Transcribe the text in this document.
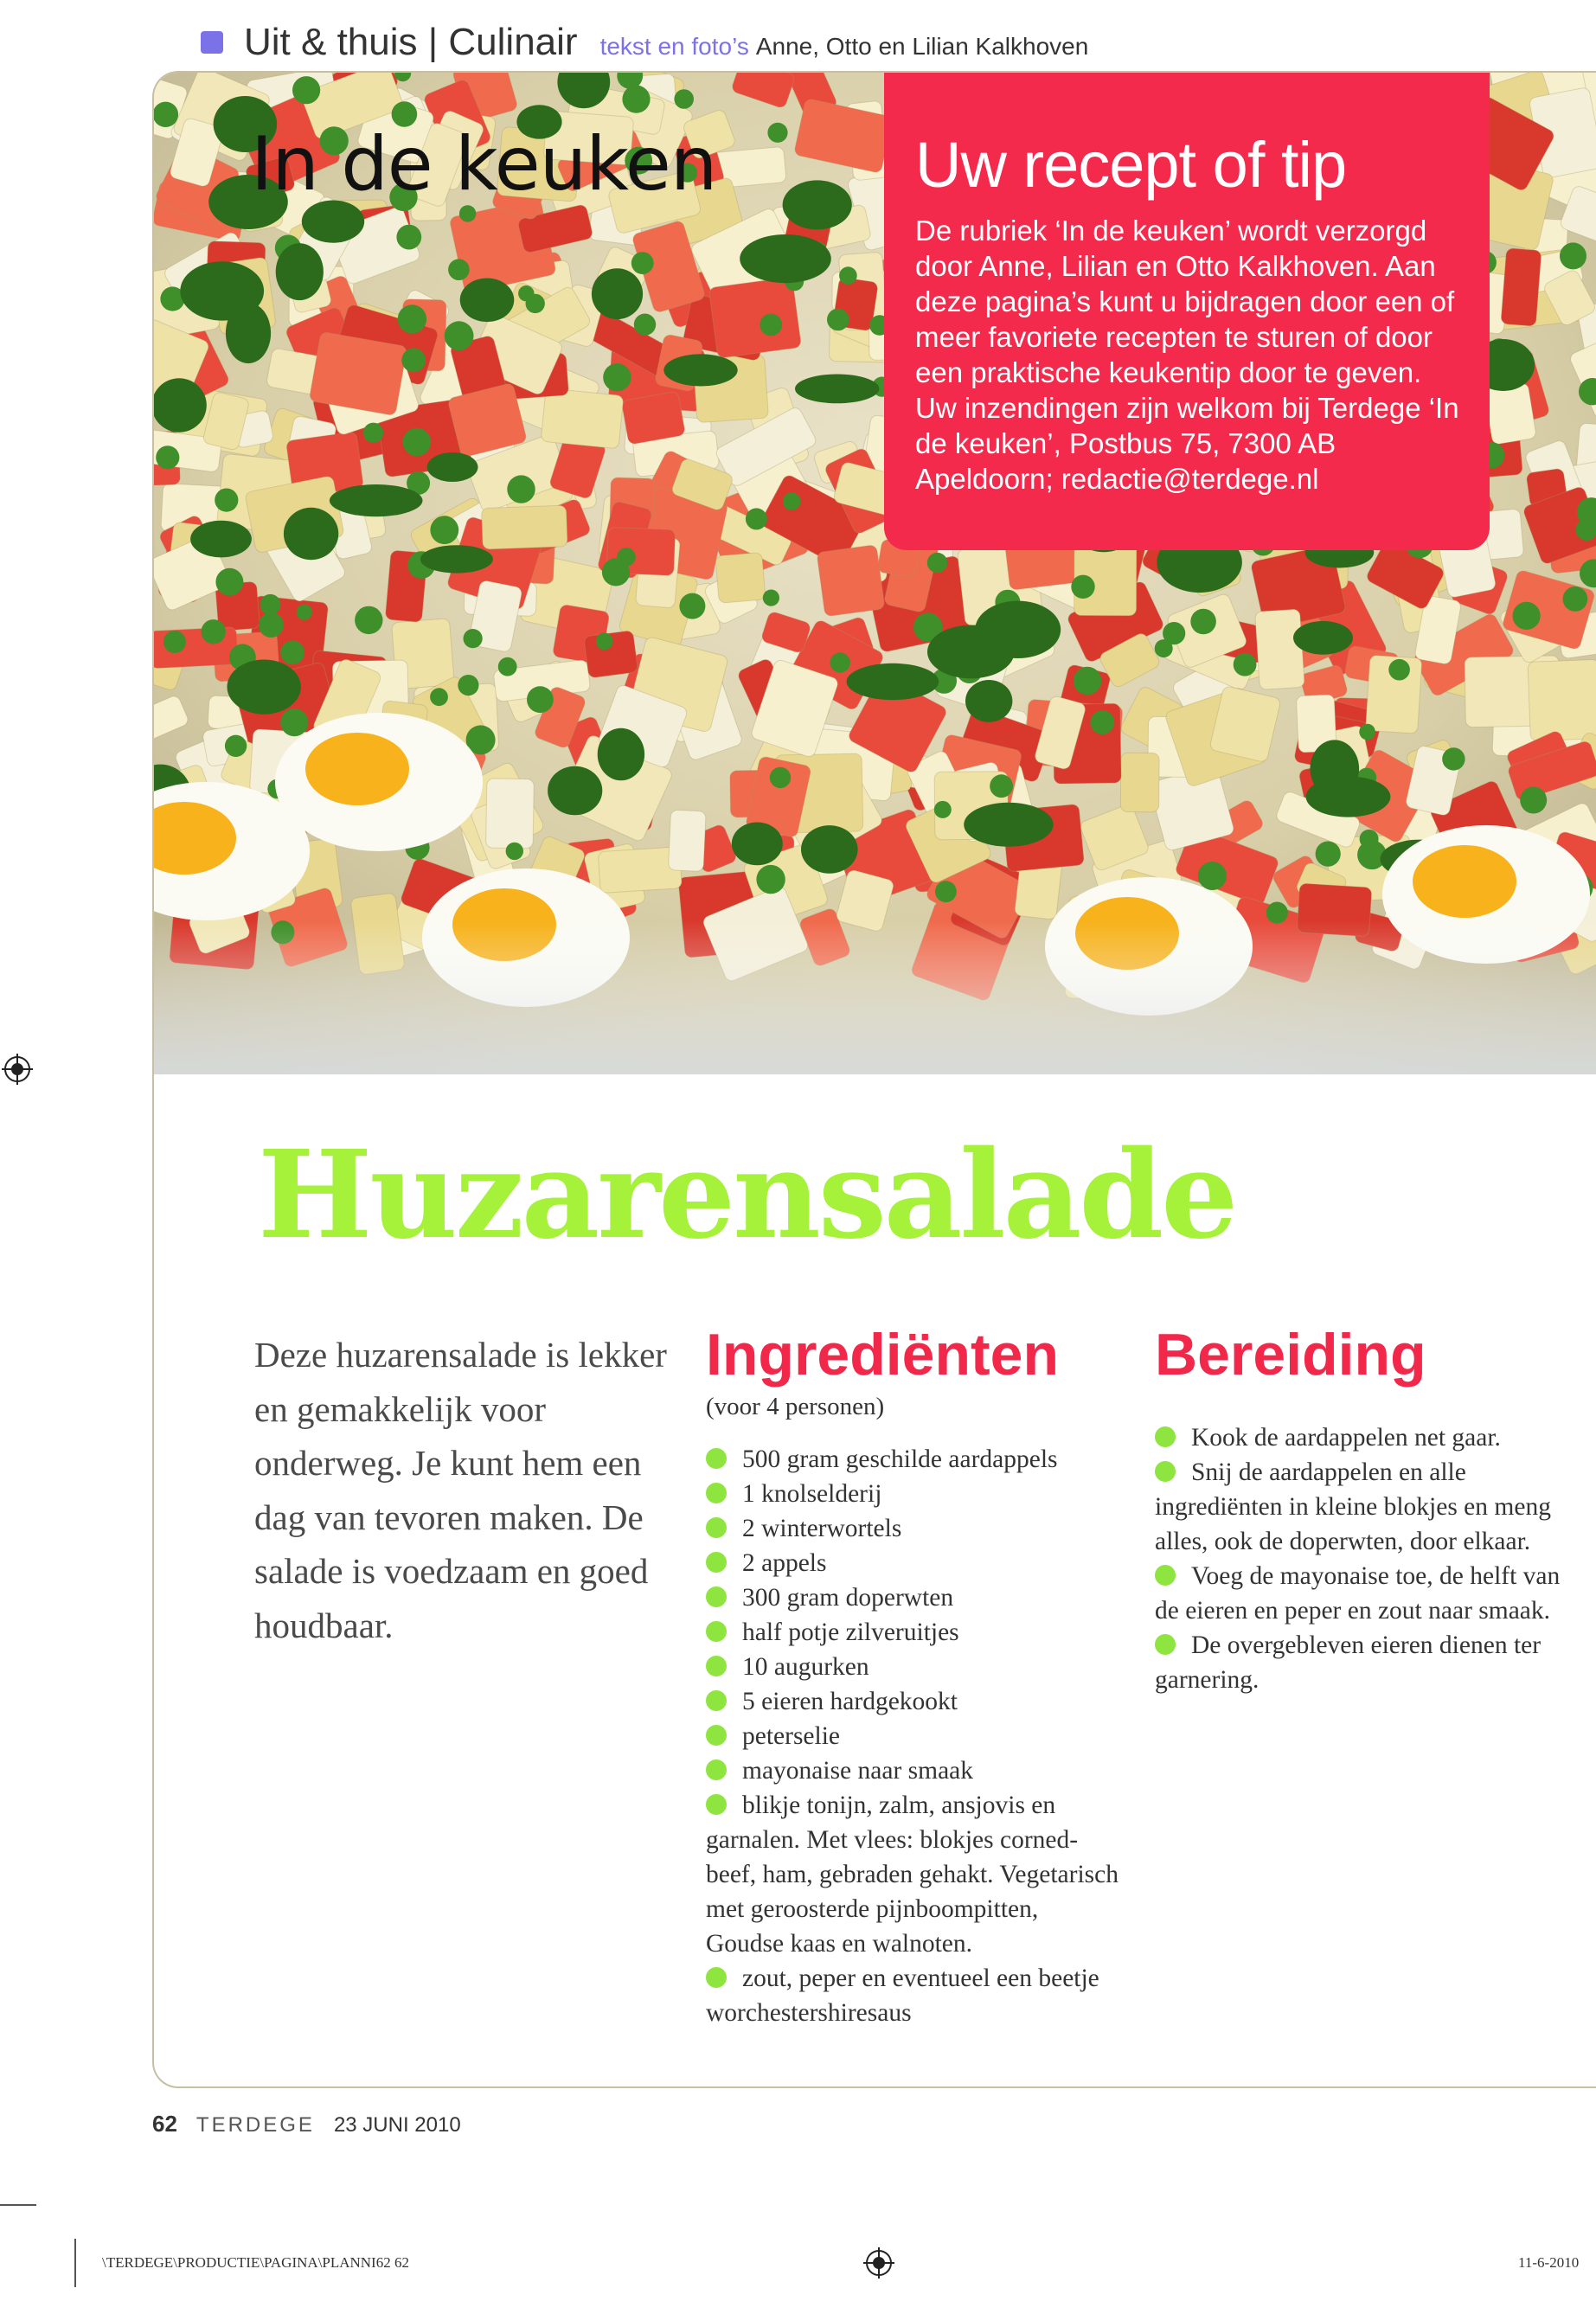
Uit & thuis | Culinair tekst en foto’s Anne, Otto en Lilian Kalkhoven
In de keuken	Uw recept of tip

De rubriek ‘In de keuken’ wordt verzorgd door Anne, Lilian en Otto Kalkhoven. Aan deze pagina’s kunt u bijdragen door een of meer favoriete recepten te sturen of door een praktische keukentip door te geven. Uw inzendingen zijn welkom bij Terdege ‘In de keuken’, Postbus 75, 7300 AB Apeldoorn; redactie@terdege.nl

Huzarensalade

Deze huzarensalade is lekker en gemakkelijk voor onderweg. Je kunt hem een dag van tevoren maken. De salade is voedzaam en goed houdbaar.

Ingrediënten

(voor 4 personen)

500 gram geschilde aardappels
1 knolselderij
2 winterwortels
2 appels
300 gram doperwten
half potje zilveruitjes
10 augurken
5 eieren hardgekookt
peterselie
mayonaise naar smaak
blikje tonijn, zalm, ansjovis en garnalen. Met vlees: blokjes corned-beef, ham, gebraden gehakt. Vegetarisch met geroosterde pijnboompitten, Goudse kaas en walnoten.
zout, peper en eventueel een beetje worchestershiresaus
Bereiding
Kook de aardappelen net gaar.
Snij de aardappelen en alle ingrediënten in kleine blokjes en meng alles, ook de doperwten, door elkaar.
Voeg de mayonaise toe, de helft van de eieren en peper en zout naar smaak.
De overgebleven eieren dienen ter garnering.
62 TERDEGE 23 JUNI 2010
\TERDEGE\PRODUCTIE\PAGINA\PLANNI62 62	11-6-2010
